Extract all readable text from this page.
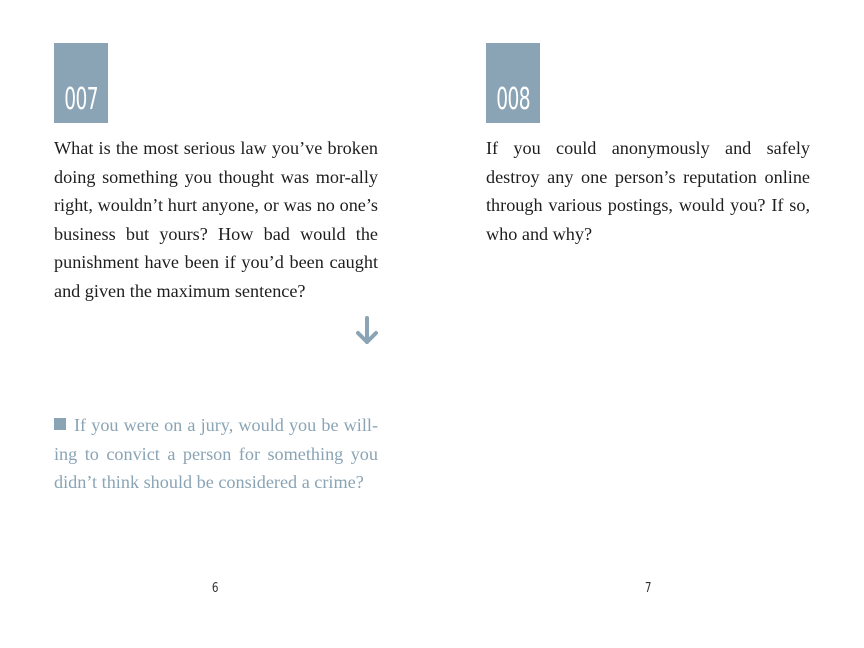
007

What is the most serious law you’ve broken doing something you thought was mor-ally right, wouldn’t hurt anyone, or was no one’s business but yours? How bad would the punishment have been if you’d been caught and given the maximum sentence?

If you were on a jury, would you be will-ing to convict a person for something you didn’t think should be considered a crime?

6
008

If you could anonymously and safely destroy any one person’s reputation online through various postings, would you? If so, who and why?

7
